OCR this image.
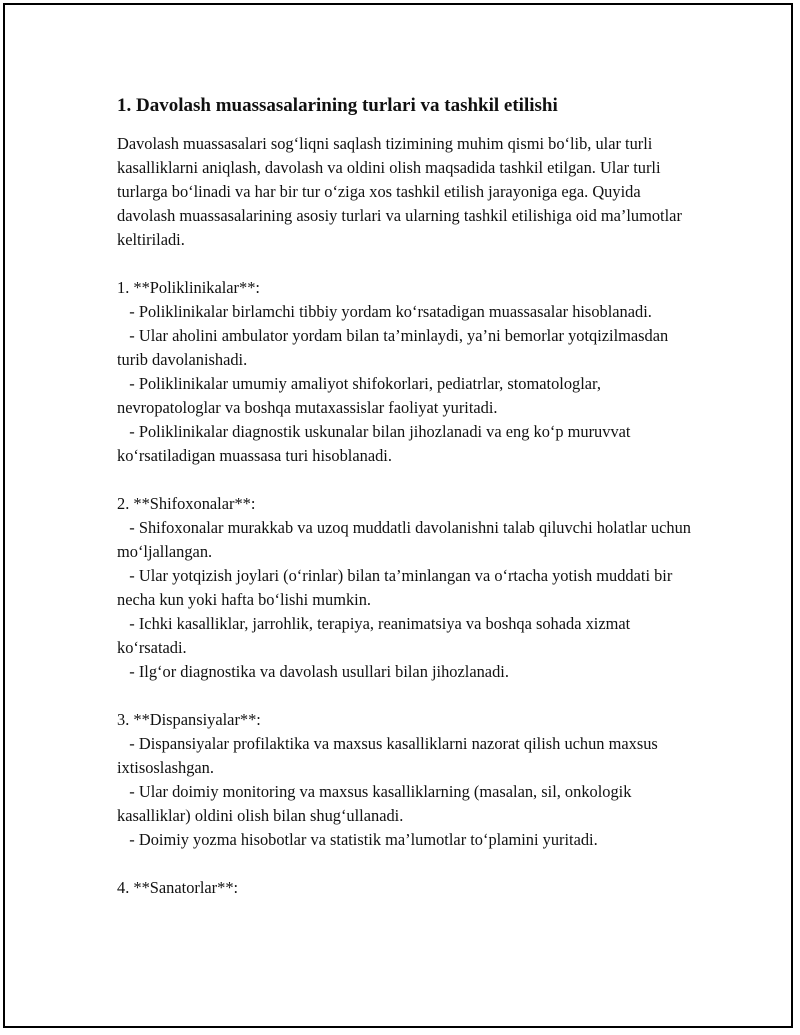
1. Davolash muassasalarining turlari va tashkil etilishi

Davolash muassasalari sog‘liqni saqlash tizimining muhim qismi bo‘lib, ular turli kasalliklarni aniqlash, davolash va oldini olish maqsadida tashkil etilgan. Ular turli turlarga bo‘linadi va har bir tur o‘ziga xos tashkil etilish jarayoniga ega. Quyida davolash muassasalarining asosiy turlari va ularning tashkil etilishiga oid ma’lumotlar keltiriladi.

1. **Poliklinikalar**:

- Poliklinikalar birlamchi tibbiy yordam ko‘rsatadigan muassasalar hisoblanadi.

- Ular aholini ambulator yordam bilan ta’minlaydi, ya’ni bemorlar yotqizilmasdan turib davolanishadi.

- Poliklinikalar umumiy amaliyot shifokorlari, pediatrlar, stomatologlar, nevropatologlar va boshqa mutaxassislar faoliyat yuritadi.

- Poliklinikalar diagnostik uskunalar bilan jihozlanadi va eng ko‘p muruvvat ko‘rsatiladigan muassasa turi hisoblanadi.

2. **Shifoxonalar**:

- Shifoxonalar murakkab va uzoq muddatli davolanishni talab qiluvchi holatlar uchun mo‘ljallangan.

- Ular yotqizish joylari (o‘rinlar) bilan ta’minlangan va o‘rtacha yotish muddati bir necha kun yoki hafta bo‘lishi mumkin.

- Ichki kasalliklar, jarrohlik, terapiya, reanimatsiya va boshqa sohada xizmat ko‘rsatadi.

- Ilg‘or diagnostika va davolash usullari bilan jihozlanadi.

3. **Dispansiyalar**:

- Dispansiyalar profilaktika va maxsus kasalliklarni nazorat qilish uchun maxsus ixtisoslashgan.

- Ular doimiy monitoring va maxsus kasalliklarning (masalan, sil, onkologik kasalliklar) oldini olish bilan shug‘ullanadi.

- Doimiy yozma hisobotlar va statistik ma’lumotlar to‘plamini yuritadi.

4. **Sanatorlar**:
